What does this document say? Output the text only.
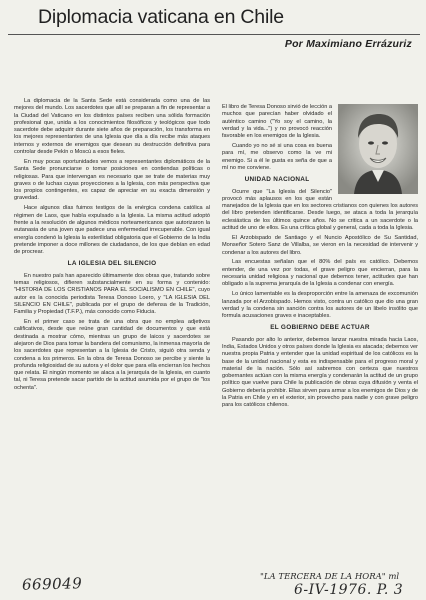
Diplomacia vaticana en Chile
Por Maximiano Errázuriz

La diplomacia de la Santa Sede está considerada como una de las mejores del mundo. Los sacerdotes que allí se preparan a fin de representar a la Ciudad del Vaticano en los distintos países reciben una sólida formación profesional que, unida a los conocimientos filosóficos y teológicos que todo sacerdote debe adquirir durante siete años de preparación, los transforma en los mejores representantes de una Iglesia que día a día recibe más ataques internos y externos de enemigos que desean su destrucción definitiva para controlar desde Pekín o Moscú a esos fieles.

En muy pocas oportunidades vemos a representantes diplomáticos de la Santa Sede pronunciarse o tomar posiciones en contiendas políticas o religiosas. Para que intervengan es necesario que se trate de materias muy graves o de luchas cuyas proyecciones a la Iglesia, con más perspectiva que los propios contingentes, es capaz de apreciar en su exacta dimensión y gravedad.

Hace algunos días fuimos testigos de la enérgica condena católica al régimen de Laos, que había expulsado a la Iglesia. La misma actitud adoptó frente a la resolución de algunos médicos norteamericanos que autorizaron la eutanasia de una joven que padece una enfermedad irrecuperable. Con igual energía condenó la Iglesia la esterilidad obligatoria que el Gobierno de la India pretende imponer a doce millones de ciudadanos, de los que debían en edad de procrear.

LA IGLESIA DEL SILENCIO

En nuestro país han aparecido últimamente dos obras que, tratando sobre temas religiosos, difieren substancialmente en su forma y contenido: "HISTORIA DE LOS CRISTIANOS PARA EL SOCIALISMO EN CHILE", cuyo autor es la conocida periodista Teresa Donoso Loero, y "LA IGLESIA DEL SILENCIO EN CHILE", publicada por el grupo de defensa de la Tradición, Familia y Propiedad (T.F.P.), más conocido como Fiducia.

En el primer caso se trata de una obra que no emplea adjetivos calificativos, desde que reúne gran cantidad de documentos y que está destinada a mostrar cómo, mientras un grupo de laicos y sacerdotes se alejaron de Dios para tomar la bandera del comunismo, la inmensa mayoría de los sacerdotes que representan a la Iglesia de Cristo, siguió otra senda y condena a los primeros. En la obra de Teresa Donoso se percibe y siente la profunda religiosidad de su autora y el dolor que para ella encierran los hechos que relata. El ningún momento se alaca a la jerarquía de la Iglesia, en cuanto tal, ni Teresa pretende sacar partido de la actitud asumida por el grupo de "los ochenta".

El libro de Teresa Donoso sirvió de lección a muchos que parecían haber olvidado el auténtico camino ("Yo soy el camino, la verdad y la vida...") y no provocó reacción favorable en los enemigos de la Iglesia.

Cuando yo no sé si una cosa es buena para mí, me observo como la ve mi enemigo. Si a él le gusta es seña de que a mí no me conviene.

UNIDAD NACIONAL

Ocurre que "La Iglesia del Silencio" provocó más aplausos en los que están manejados de la Iglesia que en los sectores cristianos con quienes los autores del libro pretenden identificarse. Desde luego, se ataca a toda la jerarquía eclesiástica de los últimos quince años. No se critica a un sacerdote o la actitud de uno de ellos. Es una crítica global y general, cada a toda la Iglesia.

El Arzobispado de Santiago y el Nuncio Apostólico de Su Santidad, Monseñor Sotero Sanz de Villalba, se vieron en la necesidad de intervenir y condenar a los autores del libro.

Las encuestas señalan que el 80% del país es católico. Debemos entender, de una vez por todas, el grave peligro que encierran, para la necesaria unidad religiosa y nacional que debemos tener, actitudes que han obligado a la suprema jerarquía de la Iglesia a condenar con energía.

Lo único lamentable es la desproporción entre la amenaza de excomunión lanzada por el Arzobispado. Hemos visto, contra un católico que dio una gran verdad y la condena sin sanción contra los autores de un libelo insólito que formula acusaciones graves e inaceptables.

EL GOBIERNO DEBE ACTUAR

Pasando por alto lo anterior, debemos lanzar nuestra mirada hacia Laos, India, Estados Unidos y otros países donde la Iglesia es atacada; debemos ver nuestra propia Patria y entender que la unidad espiritual de los católicos es la base de la unidad nacional y esta es indispensable para el progreso moral y material de la nación. Sólo así sabremos con certeza que nuestros gobernantes actúan con la misma energía y condenarán la actitud de un grupo político que vuelve para Chile la publicación de obras cuya difusión y venta el Gobierno debería prohibir. Ellas sirven para armar a los enemigos de Dios y de la Patria en Chile y en el exterior, sin provecho para nadie y con grave peligro para los católicos chilenos.

669049	"LA TERCERA DE LA HORA" ml
6-IV-1976. P. 3
